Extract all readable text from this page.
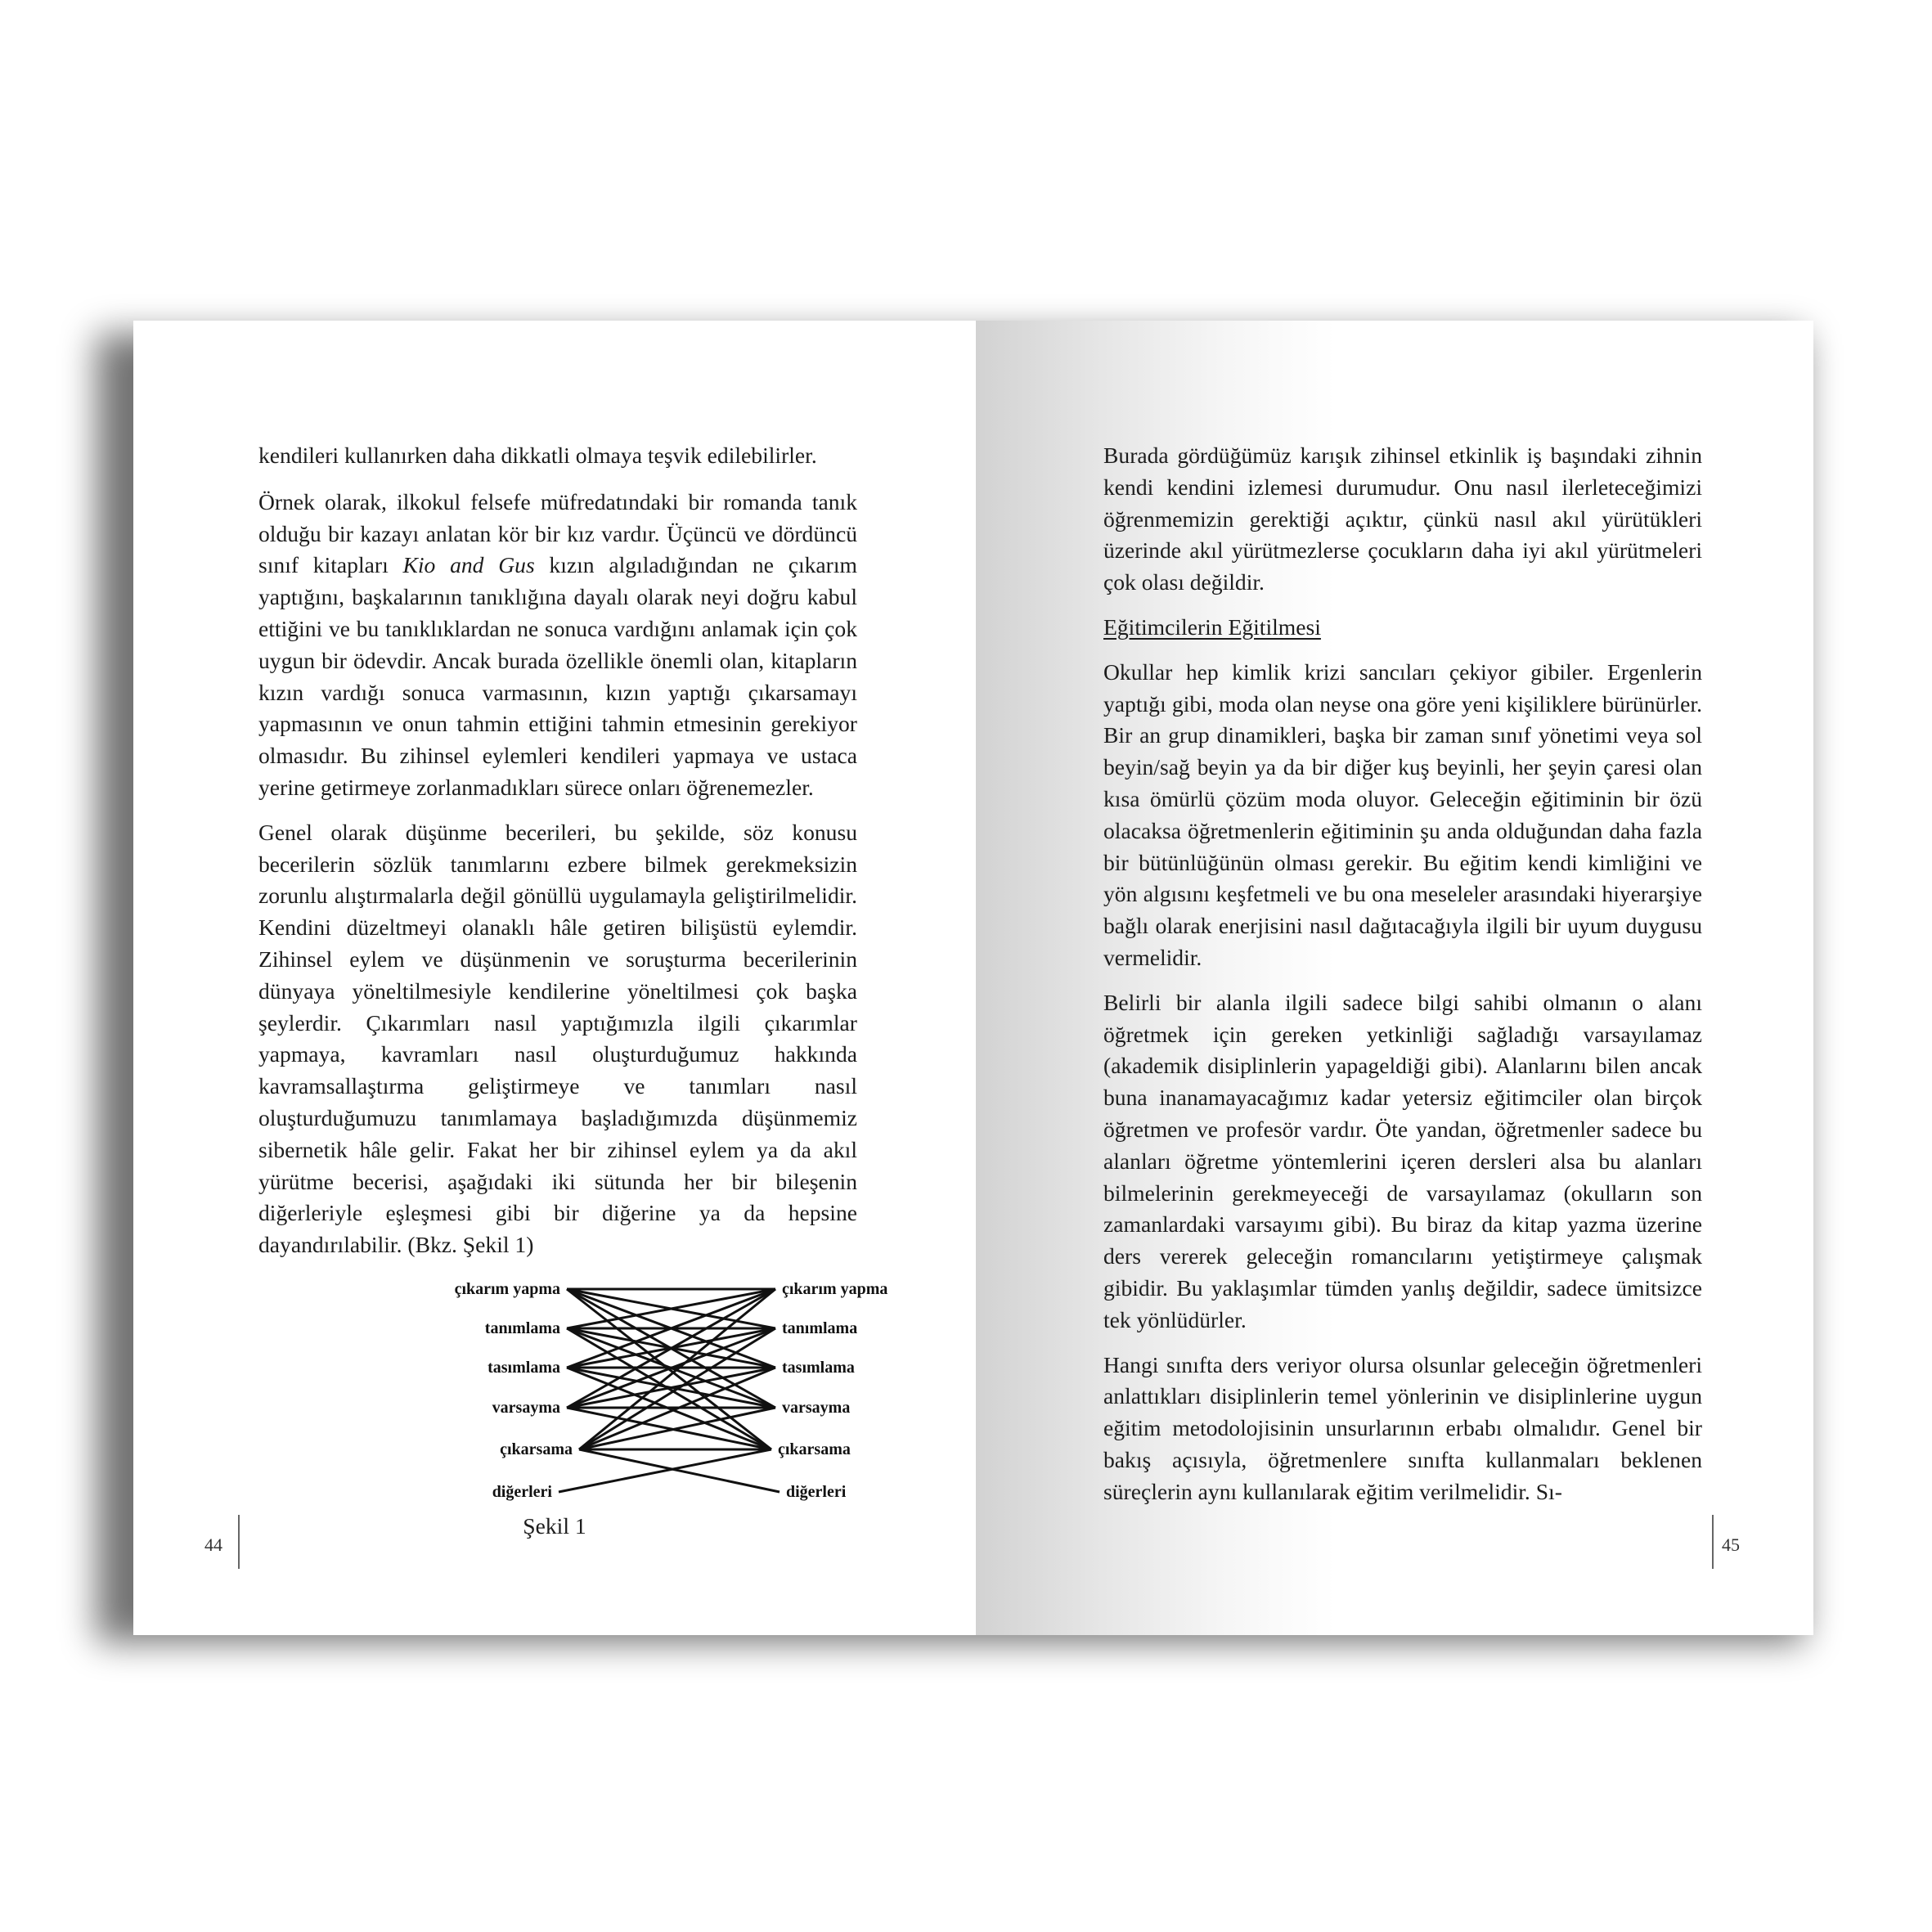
kendileri kullanırken daha dikkatli olmaya teşvik edilebilirler.

Örnek olarak, ilkokul felsefe müfredatındaki bir romanda tanık olduğu bir kazayı anlatan kör bir kız vardır. Üçüncü ve dördüncü sınıf kitapları Kio and Gus kızın algıladığından ne çıkarım yaptığını, başkalarının tanıklığına dayalı olarak neyi doğru kabul ettiğini ve bu tanıklıklardan ne sonuca vardığını anlamak için çok uygun bir ödevdir. Ancak burada özellikle önemli olan, kitapların kızın vardığı sonuca varmasının, kızın yaptığı çıkarsamayı yapmasının ve onun tahmin ettiğini tahmin etmesinin gerekiyor olmasıdır. Bu zihinsel eylemleri kendileri yapmaya ve ustaca yerine getirmeye zorlanmadıkları sürece onları öğrenemezler.

Genel olarak düşünme becerileri, bu şekilde, söz konusu becerilerin sözlük tanımlarını ezbere bilmek gerekmeksizin zorunlu alıştırmalarla değil gönüllü uygulamayla geliştirilmelidir. Kendini düzeltmeyi olanaklı hâle getiren bilişüstü eylemdir. Zihinsel eylem ve düşünmenin ve soruşturma becerilerinin dünyaya yöneltilmesiyle kendilerine yöneltilmesi çok başka şeylerdir. Çıkarımları nasıl yaptığımızla ilgili çıkarımlar yapmaya, kavramları nasıl oluşturduğumuz hakkında kavramsallaştırma geliştirmeye ve tanımları nasıl oluşturduğumuzu tanımlamaya başladığımızda düşünmemiz sibernetik hâle gelir. Fakat her bir zihinsel eylem ya da akıl yürütme becerisi, aşağıdaki iki sütunda her bir bileşenin diğerleriyle eşleşmesi gibi bir diğerine ya da hepsine dayandırılabilir. (Bkz. Şekil 1)

çıkarım yapma
tanımlama
tasımlama
varsayma
çıkarsama
diğerleri
çıkarım yapma
tanımlama
tasımlama
varsayma
çıkarsama
diğerleri
Şekil 1
44

Burada gördüğümüz karışık zihinsel etkinlik iş başındaki zihnin kendi kendini izlemesi durumudur. Onu nasıl ilerleteceğimizi öğrenmemizin gerektiği açıktır, çünkü nasıl akıl yürütükleri üzerinde akıl yürütmezlerse çocukların daha iyi akıl yürütmeleri çok olası değildir.

Eğitimcilerin Eğitilmesi

Okullar hep kimlik krizi sancıları çekiyor gibiler. Ergenlerin yaptığı gibi, moda olan neyse ona göre yeni kişiliklere bürünürler. Bir an grup dinamikleri, başka bir zaman sınıf yönetimi veya sol beyin/sağ beyin ya da bir diğer kuş beyinli, her şeyin çaresi olan kısa ömürlü çözüm moda oluyor. Geleceğin eğitiminin bir özü olacaksa öğretmenlerin eğitiminin şu anda olduğundan daha fazla bir bütünlüğünün olması gerekir. Bu eğitim kendi kimliğini ve yön algısını keşfetmeli ve bu ona meseleler arasındaki hiyerarşiye bağlı olarak enerjisini nasıl dağıtacağıyla ilgili bir uyum duygusu vermelidir.

Belirli bir alanla ilgili sadece bilgi sahibi olmanın o alanı öğretmek için gereken yetkinliği sağladığı varsayılamaz (akademik disiplinlerin yapageldiği gibi). Alanlarını bilen ancak buna inanamayacağımız kadar yetersiz eğitimciler olan birçok öğretmen ve profesör vardır. Öte yandan, öğretmenler sadece bu alanları öğretme yöntemlerini içeren dersleri alsa bu alanları bilmelerinin gerekmeyeceği de varsayılamaz (okulların son zamanlardaki varsayımı gibi). Bu biraz da kitap yazma üzerine ders vererek geleceğin romancılarını yetiştirmeye çalışmak gibidir. Bu yaklaşımlar tümden yanlış değildir, sadece ümitsizce tek yönlüdürler.

Hangi sınıfta ders veriyor olursa olsunlar geleceğin öğretmenleri anlattıkları disiplinlerin temel yönlerinin ve disiplinlerine uygun eğitim metodolojisinin unsurlarının erbabı olmalıdır. Genel bir bakış açısıyla, öğretmenlere sınıfta kullanmaları beklenen süreçlerin aynı kullanılarak eğitim verilmelidir. Sı-

45
